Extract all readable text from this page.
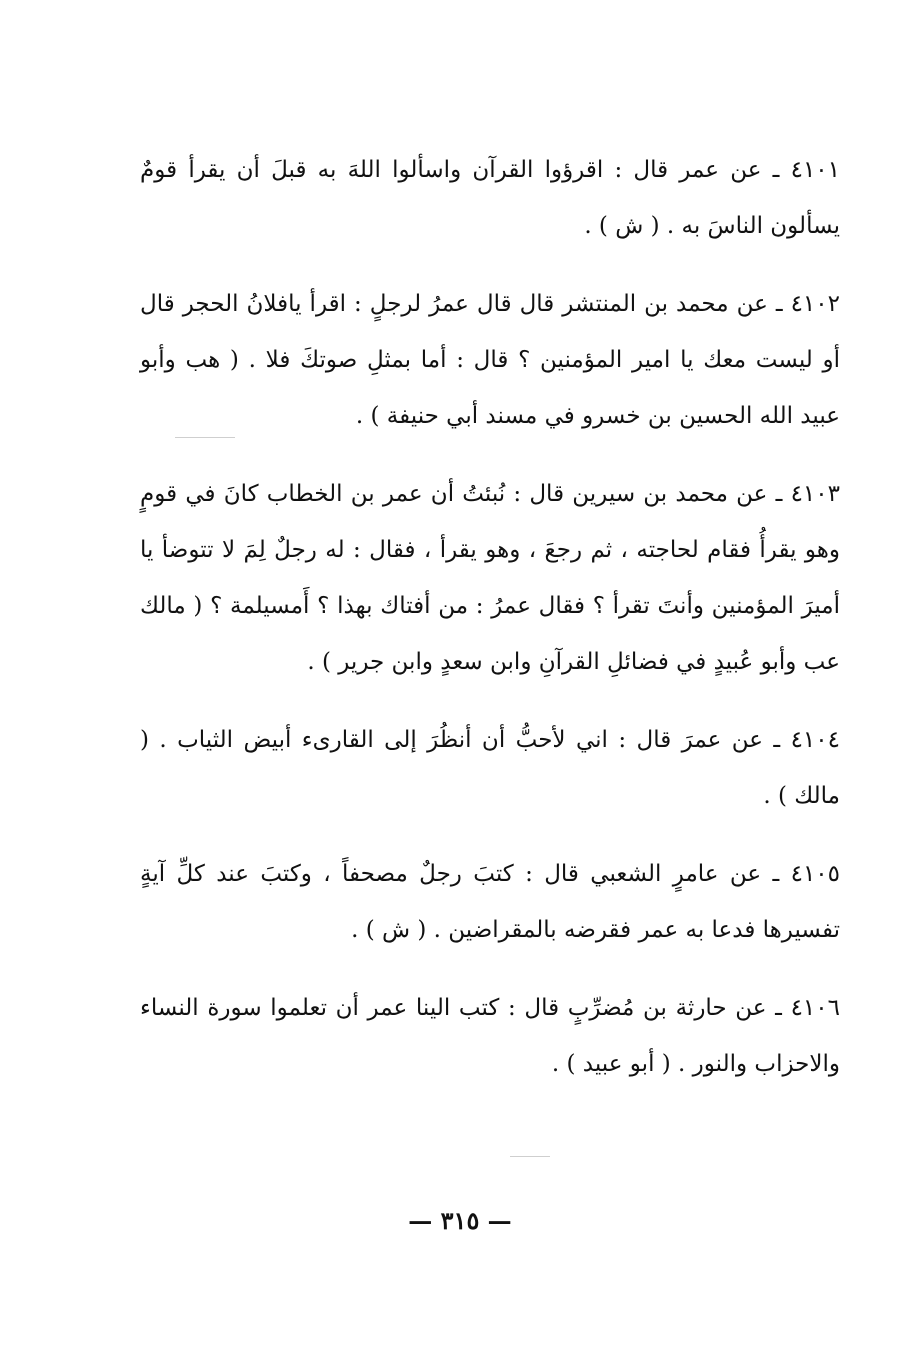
٤١٠١ ـ عن عمر قال : اقرؤوا القرآن واسألوا اللهَ به قبلَ أن يقرأ قومٌ يسألون الناسَ به . ( ش ) .

٤١٠٢ ـ عن محمد بن المنتشر قال قال عمرُ لرجلٍ : اقرأ يافلانُ الحجر قال أو ليست معك يا امير المؤمنين ؟ قال : أما بمثلِ صوتكَ فلا . ( هب وأبو عبيد الله الحسين بن خسرو في مسند أبي حنيفة ) .

٤١٠٣ ـ عن محمد بن سيرين قال : نُبئتُ أن عمر بن الخطاب كانَ في قومٍ وهو يقرأُ فقام لحاجته ، ثم رجعَ ، وهو يقرأ ، فقال : له رجلٌ لِمَ لا تتوضأ يا أميرَ المؤمنين وأنتَ تقرأ ؟ فقال عمرُ : من أفتاك بهذا ؟ أَمسيلمة ؟ ( مالك عب وأبو عُبيدٍ في فضائلِ القرآنِ وابن سعدٍ وابن جرير ) .

٤١٠٤ ـ عن عمرَ قال : اني لأحبُّ أن أنظُرَ إلى القارىء أبيض الثياب . ( مالك ) .

٤١٠٥ ـ عن عامرٍ الشعبي قال : كتبَ رجلٌ مصحفاً ، وكتبَ عند كلِّ آيةٍ تفسيرها فدعا به عمر فقرضه بالمقراضين . ( ش ) .

٤١٠٦ ـ عن حارثة بن مُضرِّبٍ قال : كتب الينا عمر أن تعلموا سورة النساء والاحزاب والنور . ( أبو عبيد ) .

— ٣١٥ —
